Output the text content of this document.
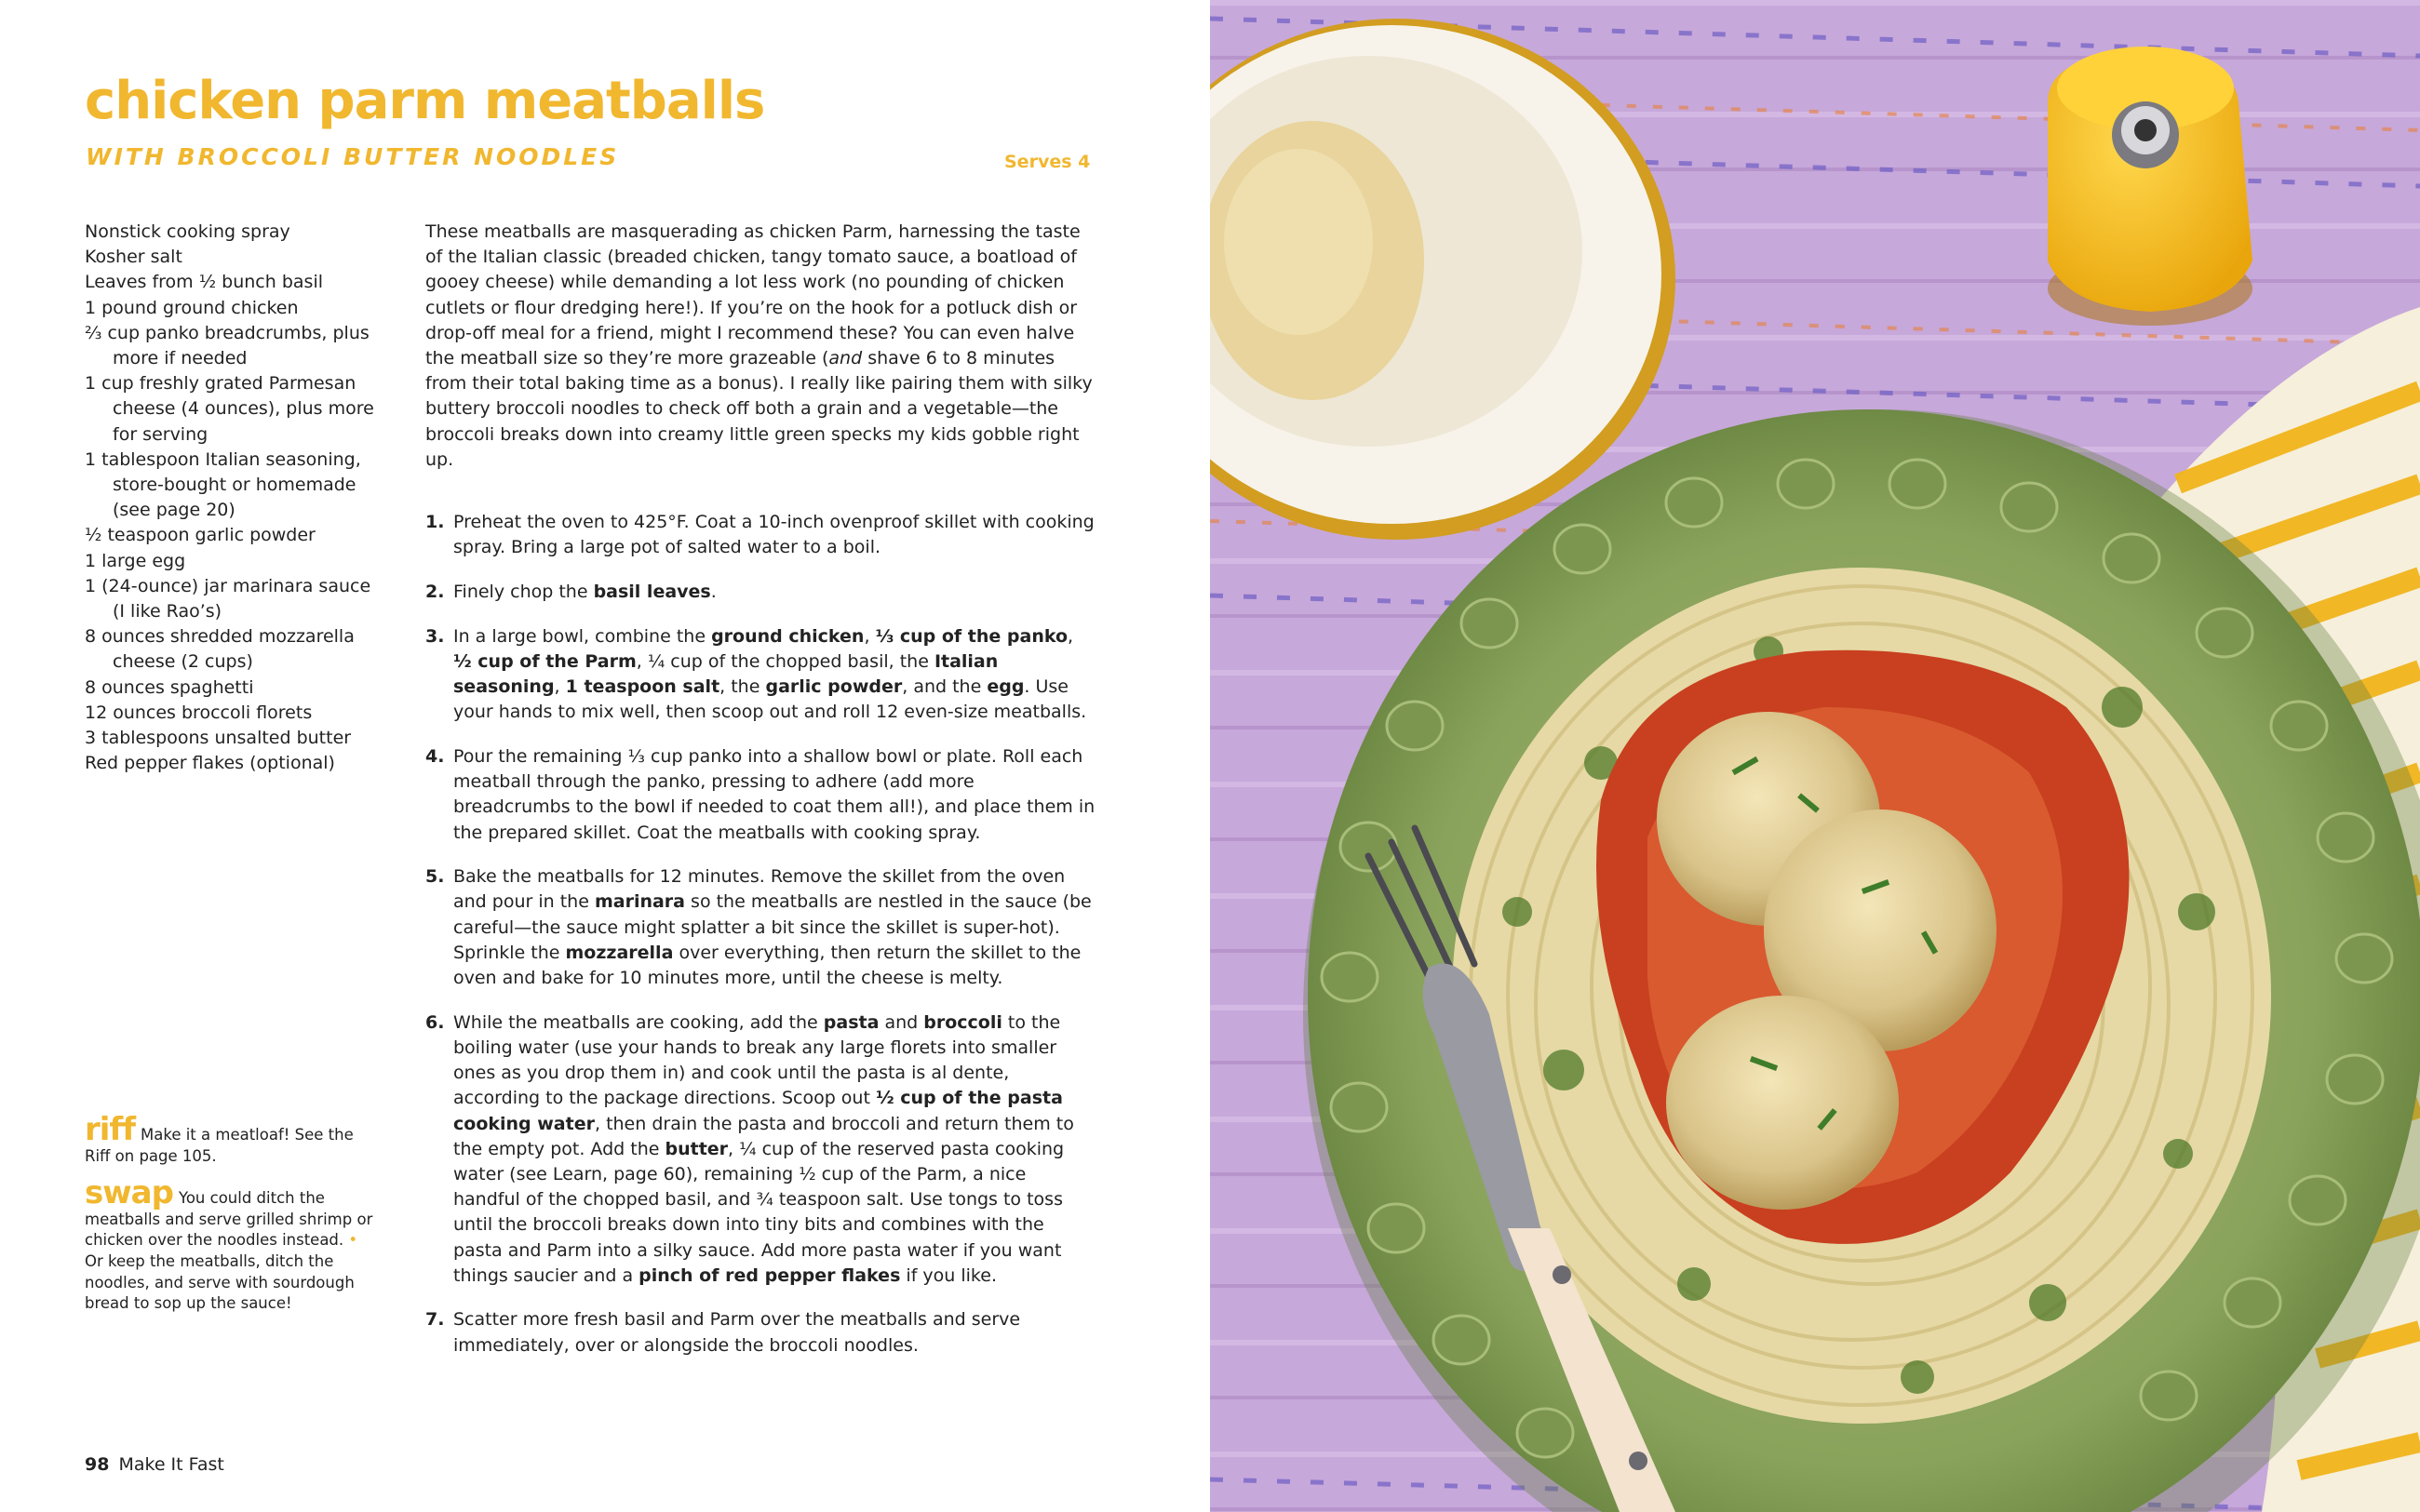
chicken parm meatballs
WITH BROCCOLI BUTTER NOODLES	Serves 4
Nonstick cooking spray
Kosher salt
Leaves from ½ bunch basil
1 pound ground chicken
⅔ cup panko breadcrumbs, plus more if needed
1 cup freshly grated Parmesan cheese (4 ounces), plus more for serving
1 tablespoon Italian seasoning, store-bought or homemade (see page 20)
½ teaspoon garlic powder
1 large egg
1 (24-ounce) jar marinara sauce (I like Rao’s)
8 ounces shredded mozzarella cheese (2 cups)
8 ounces spaghetti
12 ounces broccoli florets
3 tablespoons unsalted butter
Red pepper flakes (optional)

These meatballs are masquerading as chicken Parm, harnessing the taste of the Italian classic (breaded chicken, tangy tomato sauce, a boatload of gooey cheese) while demanding a lot less work (no pounding of chicken cutlets or flour dredging here!). If you’re on the hook for a potluck dish or drop-off meal for a friend, might I recommend these? You can even halve the meatball size so they’re more grazeable (and shave 6 to 8 minutes from their total baking time as a bonus). I really like pairing them with silky buttery broccoli noodles to check off both a grain and a vegetable—the broccoli breaks down into creamy little green specks my kids gobble right up.

1. Preheat the oven to 425°F. Coat a 10-inch ovenproof skillet with cooking spray. Bring a large pot of salted water to a boil.
2. Finely chop the basil leaves.
3. In a large bowl, combine the ground chicken, ⅓ cup of the panko, ½ cup of the Parm, ¼ cup of the chopped basil, the Italian seasoning, 1 teaspoon salt, the garlic powder, and the egg. Use your hands to mix well, then scoop out and roll 12 even-size meatballs.
4. Pour the remaining ⅓ cup panko into a shallow bowl or plate. Roll each meatball through the panko, pressing to adhere (add more breadcrumbs to the bowl if needed to coat them all!), and place them in the prepared skillet. Coat the meatballs with cooking spray.
5. Bake the meatballs for 12 minutes. Remove the skillet from the oven and pour in the marinara so the meatballs are nestled in the sauce (be careful—the sauce might splatter a bit since the skillet is super-hot). Sprinkle the mozzarella over everything, then return the skillet to the oven and bake for 10 minutes more, until the cheese is melty.
6. While the meatballs are cooking, add the pasta and broccoli to the boiling water (use your hands to break any large florets into smaller ones as you drop them in) and cook until the pasta is al dente, according to the package directions. Scoop out ½ cup of the pasta cooking water, then drain the pasta and broccoli and return them to the empty pot. Add the butter, ¼ cup of the reserved pasta cooking water (see Learn, page 60), remaining ½ cup of the Parm, a nice handful of the chopped basil, and ¾ teaspoon salt. Use tongs to toss until the broccoli breaks down into tiny bits and combines with the pasta and Parm into a silky sauce. Add more pasta water if you want things saucier and a pinch of red pepper flakes if you like.
7. Scatter more fresh basil and Parm over the meatballs and serve immediately, over or alongside the broccoli noodles.
riff Make it a meatloaf! See the Riff on page 105.
swap You could ditch the meatballs and serve grilled shrimp or chicken over the noodles instead. • Or keep the meatballs, ditch the noodles, and serve with sourdough bread to sop up the sauce!
98 Make It Fast
